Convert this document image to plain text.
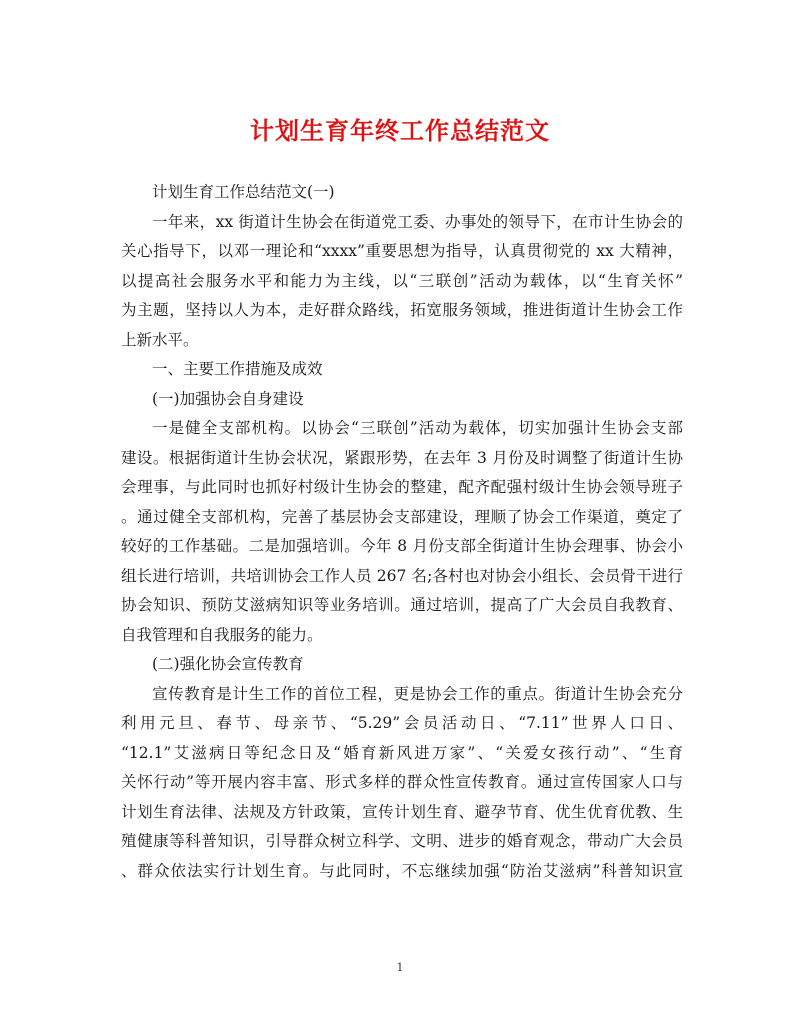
计划生育年终工作总结范文
计划生育工作总结范文(一)
一年来，xx 街道计生协会在街道党工委、办事处的领导下，在市计生协会的
关心指导下，以邓一理论和“xxxx”重要思想为指导，认真贯彻党的 xx 大精神，
以提高社会服务水平和能力为主线，以“三联创”活动为载体，以“生育关怀”
为主题，坚持以人为本，走好群众路线，拓宽服务领域，推进街道计生协会工作
上新水平。
一、主要工作措施及成效
(一)加强协会自身建设
一是健全支部机构。以协会“三联创”活动为载体，切实加强计生协会支部
建设。根据街道计生协会状况，紧跟形势，在去年 3 月份及时调整了街道计生协
会理事，与此同时也抓好村级计生协会的整建，配齐配强村级计生协会领导班子
。通过健全支部机构，完善了基层协会支部建设，理顺了协会工作渠道，奠定了
较好的工作基础。二是加强培训。今年 8 月份支部全街道计生协会理事、协会小
组长进行培训，共培训协会工作人员 267 名;各村也对协会小组长、会员骨干进行
协会知识、预防艾滋病知识等业务培训。通过培训，提高了广大会员自我教育、
自我管理和自我服务的能力。
(二)强化协会宣传教育
宣传教育是计生工作的首位工程，更是协会工作的重点。街道计生协会充分
利用元旦、春节、母亲节、“5.29”会员活动日、“7.11”世界人口日、
“12.1”艾滋病日等纪念日及“婚育新风进万家”、“关爱女孩行动”、“生育
关怀行动”等开展内容丰富、形式多样的群众性宣传教育。通过宣传国家人口与
计划生育法律、法规及方针政策，宣传计划生育、避孕节育、优生优育优教、生
殖健康等科普知识，引导群众树立科学、文明、进步的婚育观念，带动广大会员
、群众依法实行计划生育。与此同时，不忘继续加强“防治艾滋病”科普知识宣
1
